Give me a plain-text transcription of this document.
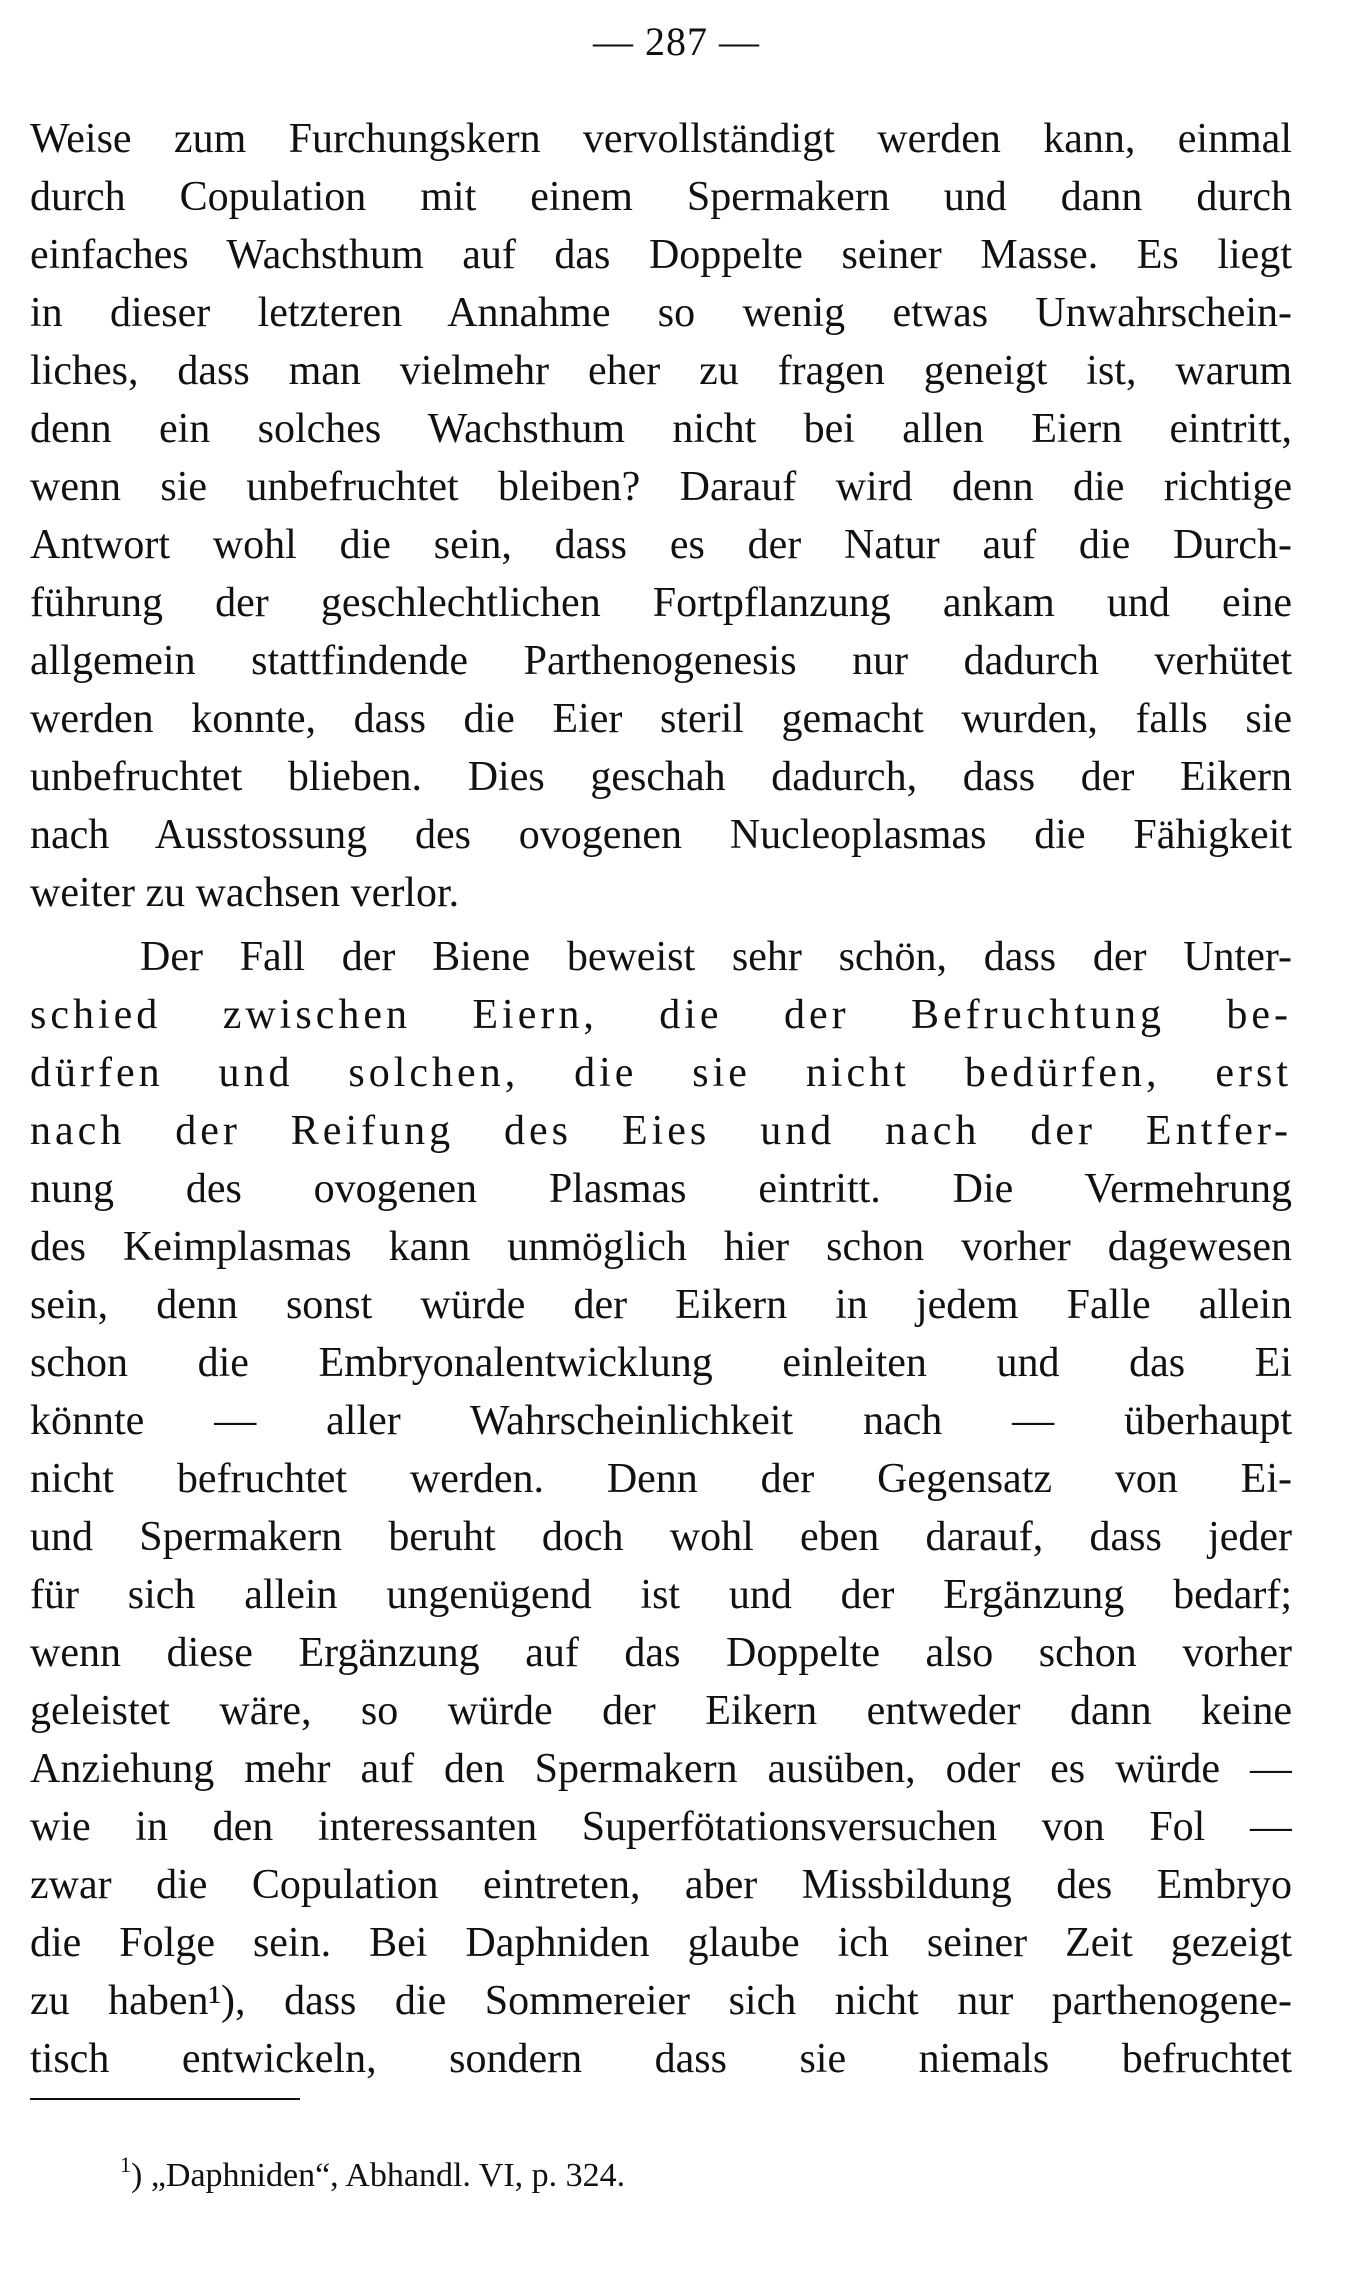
— 287 —
Weise zum Furchungskern vervollständigt werden kann, einmal
durch Copulation mit einem Spermakern und dann durch
einfaches Wachsthum auf das Doppelte seiner Masse. Es liegt
in dieser letzteren Annahme so wenig etwas Unwahrschein-
liches, dass man vielmehr eher zu fragen geneigt ist, warum
denn ein solches Wachsthum nicht bei allen Eiern eintritt,
wenn sie unbefruchtet bleiben? Darauf wird denn die richtige
Antwort wohl die sein, dass es der Natur auf die Durch-
führung der geschlechtlichen Fortpflanzung ankam und eine
allgemein stattfindende Parthenogenesis nur dadurch verhütet
werden konnte, dass die Eier steril gemacht wurden, falls sie
unbefruchtet blieben. Dies geschah dadurch, dass der Eikern
nach Ausstossung des ovogenen Nucleoplasmas die Fähigkeit
weiter zu wachsen verlor.
Der Fall der Biene beweist sehr schön, dass der Unter-
schied zwischen Eiern, die der Befruchtung be-
dürfen und solchen, die sie nicht bedürfen, erst
nach der Reifung des Eies und nach der Entfer-
nung des ovogenen Plasmas eintritt. Die Vermehrung
des Keimplasmas kann unmöglich hier schon vorher dagewesen
sein, denn sonst würde der Eikern in jedem Falle allein
schon die Embryonalentwicklung einleiten und das Ei
könnte — aller Wahrscheinlichkeit nach — überhaupt
nicht befruchtet werden. Denn der Gegensatz von Ei-
und Spermakern beruht doch wohl eben darauf, dass jeder
für sich allein ungenügend ist und der Ergänzung bedarf;
wenn diese Ergänzung auf das Doppelte also schon vorher
geleistet wäre, so würde der Eikern entweder dann keine
Anziehung mehr auf den Spermakern ausüben, oder es würde —
wie in den interessanten Superfötationsversuchen von Fol —
zwar die Copulation eintreten, aber Missbildung des Embryo
die Folge sein. Bei Daphniden glaube ich seiner Zeit gezeigt
zu haben¹), dass die Sommereier sich nicht nur parthenogene-
tisch entwickeln, sondern dass sie niemals befruchtet
$^1$) „Daphniden“, Abhandl. VI, p. 324.
